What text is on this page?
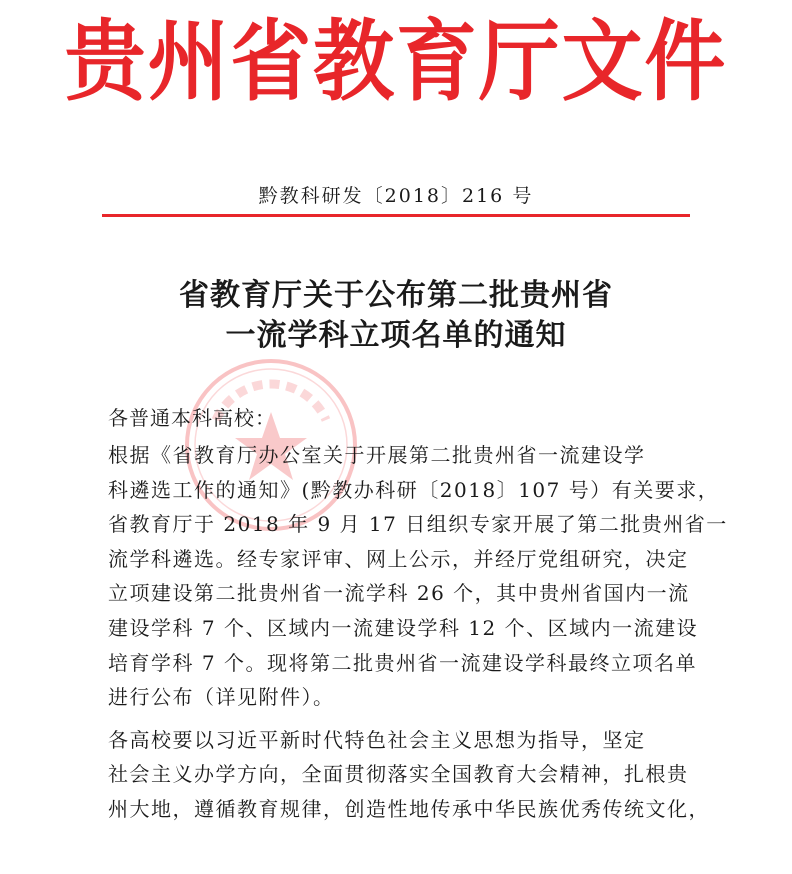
贵州省教育厅文件
黔教科研发〔2018〕216 号
省教育厅关于公布第二批贵州省
一流学科立项名单的通知
各普通本科高校：
根据《省教育厅办公室关于开展第二批贵州省一流建设学
科遴选工作的通知》(黔教办科研〔2018〕107 号）有关要求，
省教育厅于 2018 年 9 月 17 日组织专家开展了第二批贵州省一
流学科遴选。经专家评审、网上公示，并经厅党组研究，决定
立项建设第二批贵州省一流学科 26 个，其中贵州省国内一流
建设学科 7 个、区域内一流建设学科 12 个、区域内一流建设
培育学科 7 个。现将第二批贵州省一流建设学科最终立项名单
进行公布（详见附件）。
各高校要以习近平新时代特色社会主义思想为指导，坚定
社会主义办学方向，全面贯彻落实全国教育大会精神，扎根贵
州大地，遵循教育规律，创造性地传承中华民族优秀传统文化，
